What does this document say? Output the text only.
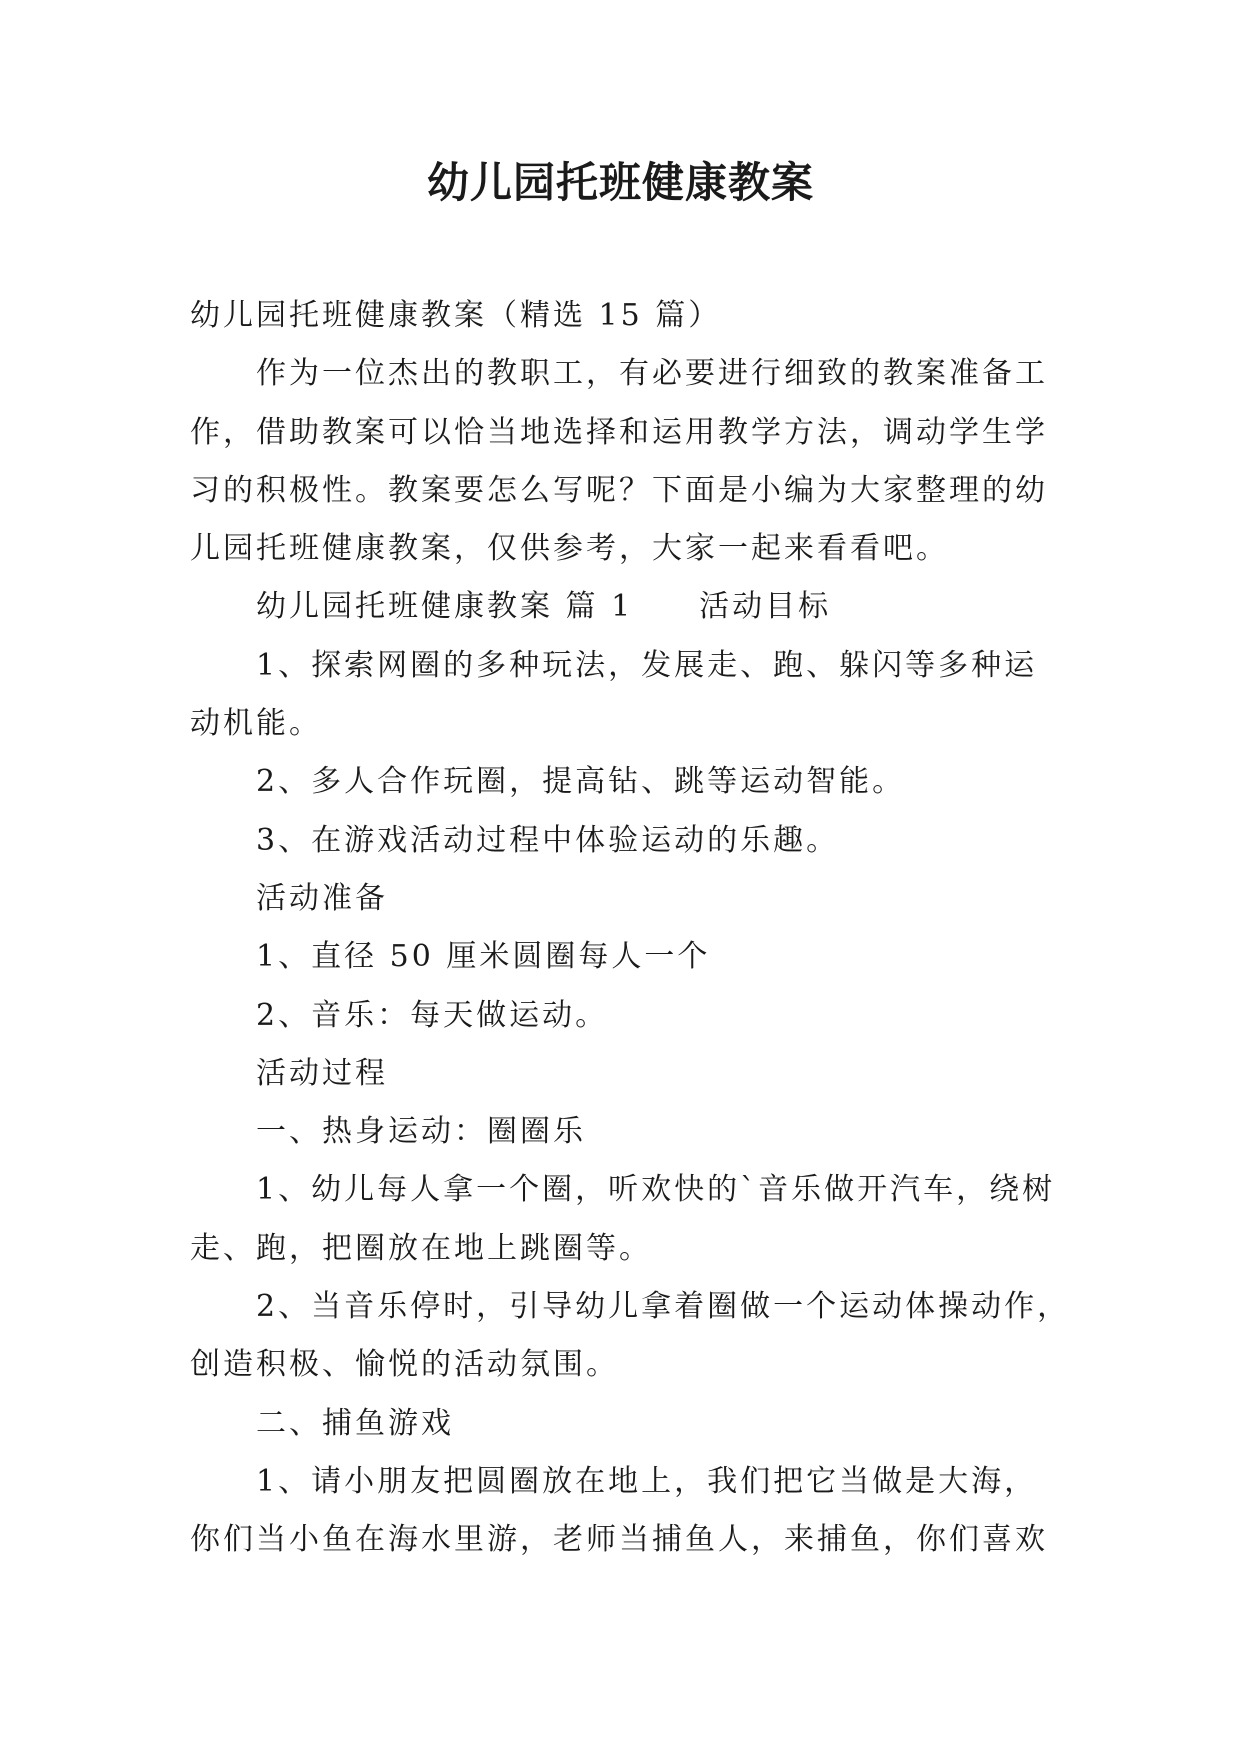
幼儿园托班健康教案
幼儿园托班健康教案（精选 15 篇）
作为一位杰出的教职工，有必要进行细致的教案准备工
作，借助教案可以恰当地选择和运用教学方法，调动学生学
习的积极性。教案要怎么写呢？下面是小编为大家整理的幼
儿园托班健康教案，仅供参考，大家一起来看看吧。
幼儿园托班健康教案 篇 1　　活动目标
1、探索网圈的多种玩法，发展走、跑、躲闪等多种运
动机能。
2、多人合作玩圈，提高钻、跳等运动智能。
3、在游戏活动过程中体验运动的乐趣。
活动准备
1、直径 50 厘米圆圈每人一个
2、音乐：每天做运动。
活动过程
一、热身运动：圈圈乐
1、幼儿每人拿一个圈，听欢快的`音乐做开汽车，绕树
走、跑，把圈放在地上跳圈等。
2、当音乐停时，引导幼儿拿着圈做一个运动体操动作，
创造积极、愉悦的活动氛围。
二、捕鱼游戏
1、请小朋友把圆圈放在地上，我们把它当做是大海，
你们当小鱼在海水里游，老师当捕鱼人，来捕鱼，你们喜欢
